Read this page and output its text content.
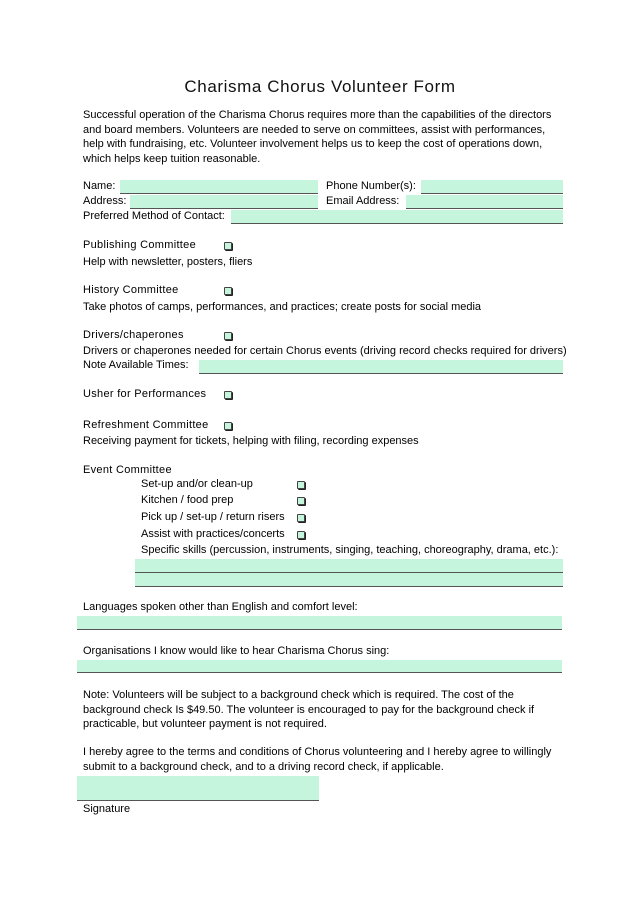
Charisma Chorus Volunteer Form
Successful operation of the Charisma Chorus requires more than the capabilities of the directors
and board members. Volunteers are needed to serve on committees, assist with performances,
help with fundraising, etc. Volunteer involvement helps us to keep the cost of operations down,
which helps keep tuition reasonable.
Name:	Phone Number(s):
Address:	Email Address:
Preferred Method of Contact:
Publishing Committee
Help with newsletter, posters, fliers
History Committee
Take photos of camps, performances, and practices; create posts for social media
Drivers/chaperones
Drivers or chaperones needed for certain Chorus events (driving record checks required for drivers)
Note Available Times:
Usher for Performances
Refreshment Committee
Receiving payment for tickets, helping with filing, recording expenses
Event Committee
Set-up and/or clean-up
Kitchen / food prep
Pick up / set-up / return risers
Assist with practices/concerts
Specific skills (percussion, instruments, singing, teaching, choreography, drama, etc.):
Languages spoken other than English and comfort level:
Organisations I know would like to hear Charisma Chorus sing:
Note: Volunteers will be subject to a background check which is required. The cost of the
background check Is $49.50. The volunteer is encouraged to pay for the background check if
practicable, but volunteer payment is not required.
I hereby agree to the terms and conditions of Chorus volunteering and I hereby agree to willingly
submit to a background check, and to a driving record check, if applicable.
Signature
